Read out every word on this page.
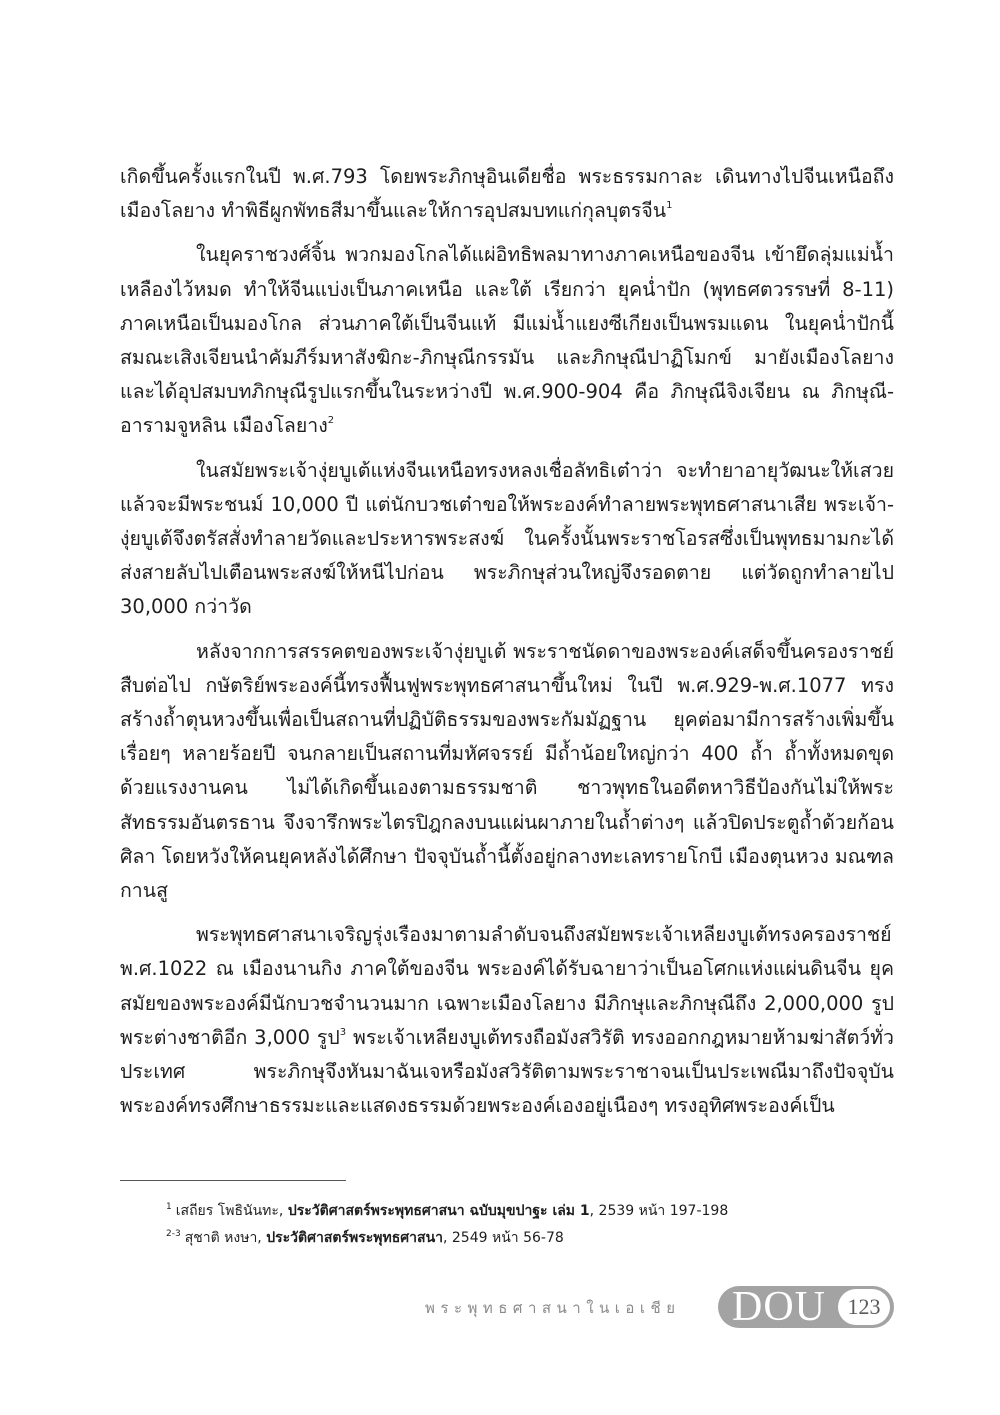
เกิดขึ้นครั้งแรกในปี พ.ศ.793 โดยพระภิกษุอินเดียชื่อ พระธรรมกาละ เดินทางไปจีนเหนือถึงเมืองโลยาง ทำพิธีผูกพัทธสีมาขึ้นและให้การอุปสมบทแก่กุลบุตรจีน$^1$

ในยุคราชวงศ์จิ้น พวกมองโกลได้แผ่อิทธิพลมาทางภาคเหนือของจีน เข้ายึดลุ่มแม่น้ำเหลืองไว้หมด ทำให้จีนแบ่งเป็นภาคเหนือ และใต้ เรียกว่า ยุคน่ำปัก (พุทธศตวรรษที่ 8-11) ภาคเหนือเป็นมองโกล ส่วนภาคใต้เป็นจีนแท้ มีแม่น้ำแยงซีเกียงเป็นพรมแดน ในยุคน่ำปักนี้ สมณะเสิงเจียนนำคัมภีร์มหาสังฆิกะ-ภิกษุณีกรรมัน และภิกษุณีปาฏิโมกข์ มายังเมืองโลยาง และได้อุปสมบทภิกษุณีรูปแรกขึ้นในระหว่างปี พ.ศ.900-904 คือ ภิกษุณีจิงเจียน ณ ภิกษุณี-อารามจูหลิน เมืองโลยาง$^2$

ในสมัยพระเจ้างุ่ยบูเต้แห่งจีนเหนือทรงหลงเชื่อลัทธิเต๋าว่า จะทำยาอายุวัฒนะให้เสวยแล้วจะมีพระชนม์ 10,000 ปี แต่นักบวชเต๋าขอให้พระองค์ทำลายพระพุทธศาสนาเสีย พระเจ้า-งุ่ยบูเต้จึงตรัสสั่งทำลายวัดและประหารพระสงฆ์ ในครั้งนั้นพระราชโอรสซึ่งเป็นพุทธมามกะได้ส่งสายลับไปเตือนพระสงฆ์ให้หนีไปก่อน พระภิกษุส่วนใหญ่จึงรอดตาย แต่วัดถูกทำลายไป 30,000 กว่าวัด

หลังจากการสรรคตของพระเจ้างุ่ยบูเต้ พระราชนัดดาของพระองค์เสด็จขึ้นครองราชย์สืบต่อไป กษัตริย์พระองค์นี้ทรงฟื้นฟูพระพุทธศาสนาขึ้นใหม่ ในปี พ.ศ.929-พ.ศ.1077 ทรงสร้างถ้ำตุนหวงขึ้นเพื่อเป็นสถานที่ปฏิบัติธรรมของพระกัมมัฏฐาน ยุคต่อมามีการสร้างเพิ่มขึ้นเรื่อยๆ หลายร้อยปี จนกลายเป็นสถานที่มหัศจรรย์ มีถ้ำน้อยใหญ่กว่า 400 ถ้ำ ถ้ำทั้งหมดขุดด้วยแรงงานคน ไม่ได้เกิดขึ้นเองตามธรรมชาติ ชาวพุทธในอดีตหาวิธีป้องกันไม่ให้พระสัทธรรมอันตรธาน จึงจารึกพระไตรปิฎกลงบนแผ่นผาภายในถ้ำต่างๆ แล้วปิดประตูถ้ำด้วยก้อนศิลา โดยหวังให้คนยุคหลังได้ศึกษา ปัจจุบันถ้ำนี้ตั้งอยู่กลางทะเลทรายโกบี เมืองตุนหวง มณฑลกานสู

พระพุทธศาสนาเจริญรุ่งเรืองมาตามลำดับจนถึงสมัยพระเจ้าเหลียงบูเต้ทรงครองราชย์ พ.ศ.1022 ณ เมืองนานกิง ภาคใต้ของจีน พระองค์ได้รับฉายาว่าเป็นอโศกแห่งแผ่นดินจีน ยุคสมัยของพระองค์มีนักบวชจำนวนมาก เฉพาะเมืองโลยาง มีภิกษุและภิกษุณีถึง 2,000,000 รูป พระต่างชาติอีก 3,000 รูป$^3$ พระเจ้าเหลียงบูเต้ทรงถือมังสวิรัติ ทรงออกกฎหมายห้ามฆ่าสัตว์ทั่วประเทศ พระภิกษุจึงหันมาฉันเจหรือมังสวิรัติตามพระราชาจนเป็นประเพณีมาถึงปัจจุบัน พระองค์ทรงศึกษาธรรมะและแสดงธรรมด้วยพระองค์เองอยู่เนืองๆ ทรงอุทิศพระองค์เป็น

$^1$ เสถียร โพธินันทะ, ประวัติศาสตร์พระพุทธศาสนา ฉบับมุขปาฐะ เล่ม 1, 2539 หน้า 197-198
$^{2-3}$ สุชาติ หงษา, ประวัติศาสตร์พระพุทธศาสนา, 2549 หน้า 56-78
พระพุทธศาสนาในเอเชีย DOU 123
